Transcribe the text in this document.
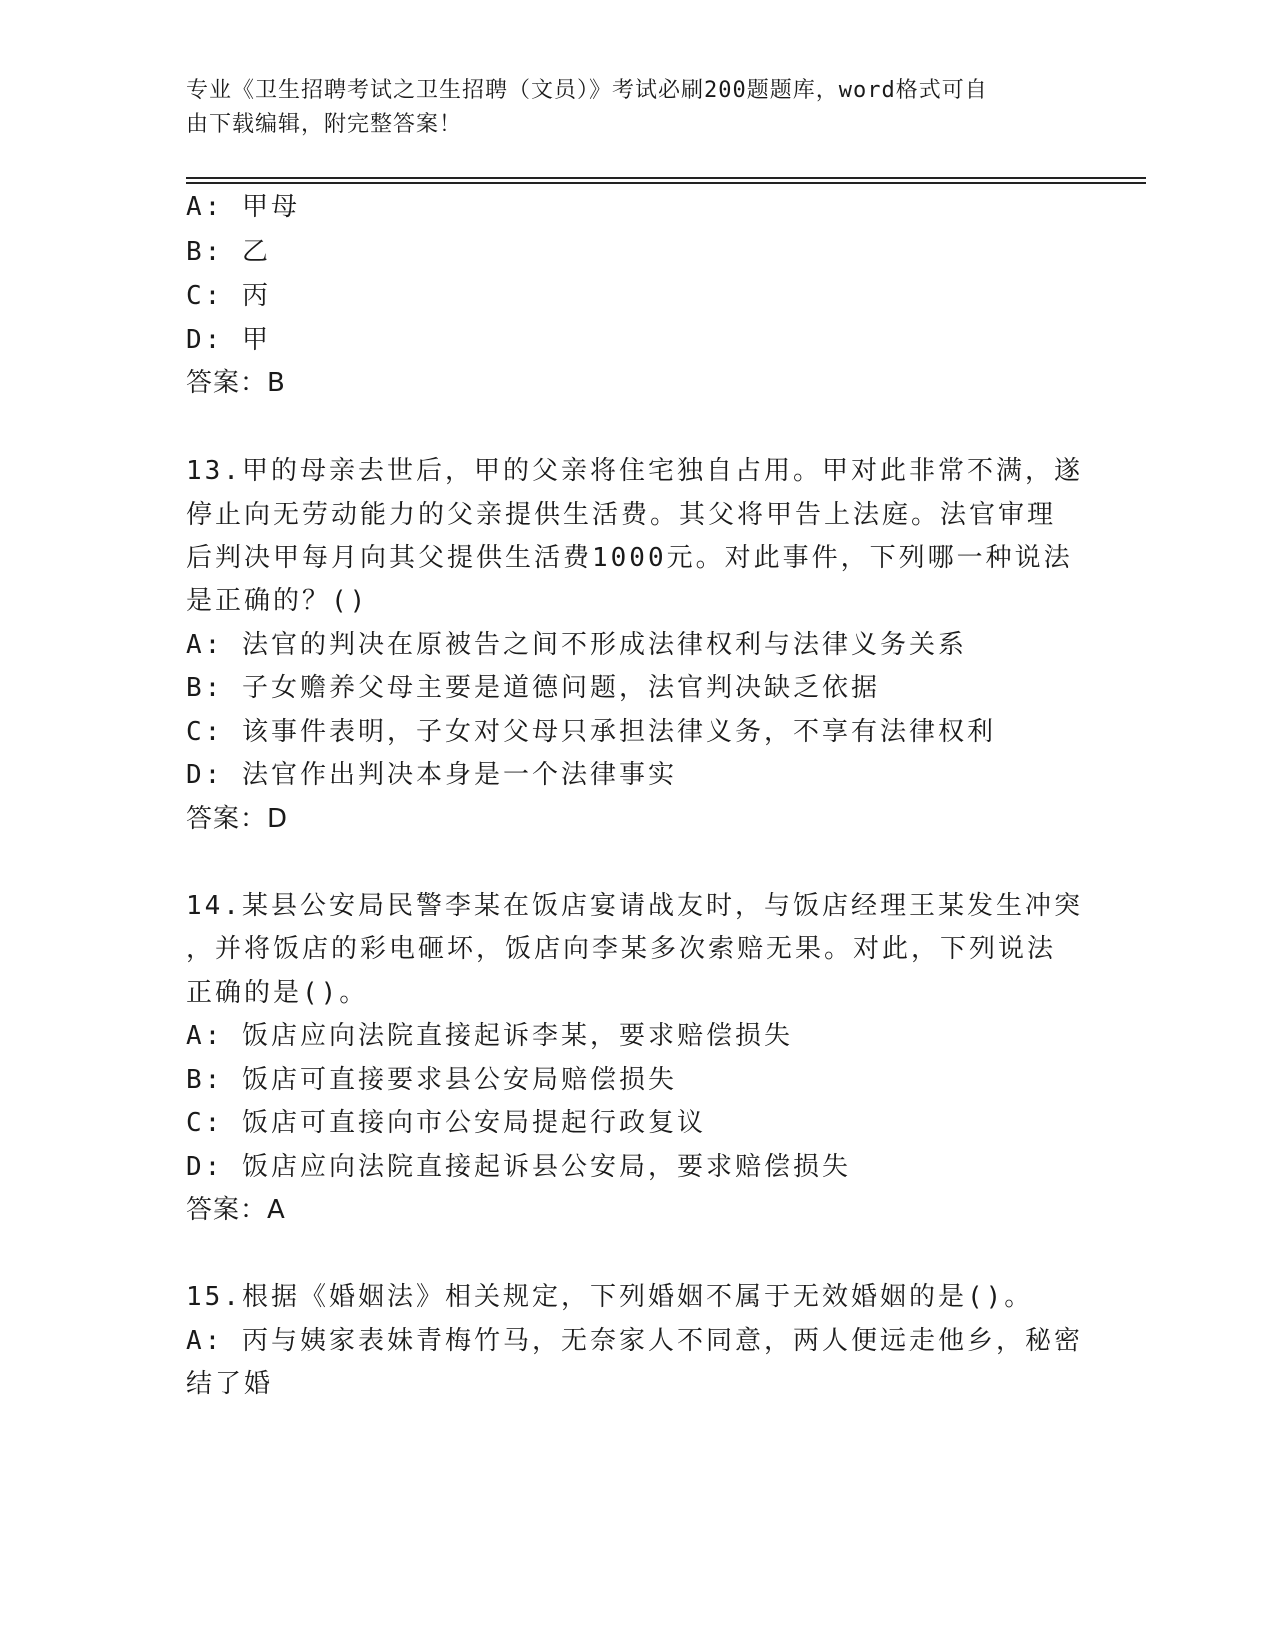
专业《卫生招聘考试之卫生招聘（文员）》考试必刷200题题库，word格式可自
由下载编辑，附完整答案！
A: 甲母
B: 乙
C: 丙
D: 甲
答案：B
13.甲的母亲去世后，甲的父亲将住宅独自占用。甲对此非常不满，遂
停止向无劳动能力的父亲提供生活费。其父将甲告上法庭。法官审理
后判决甲每月向其父提供生活费1000元。对此事件，下列哪一种说法
是正确的？()
A: 法官的判决在原被告之间不形成法律权利与法律义务关系
B: 子女赡养父母主要是道德问题，法官判决缺乏依据
C: 该事件表明，子女对父母只承担法律义务，不享有法律权利
D: 法官作出判决本身是一个法律事实
答案：D
14.某县公安局民警李某在饭店宴请战友时，与饭店经理王某发生冲突
，并将饭店的彩电砸坏，饭店向李某多次索赔无果。对此，下列说法
正确的是()。
A: 饭店应向法院直接起诉李某，要求赔偿损失
B: 饭店可直接要求县公安局赔偿损失
C: 饭店可直接向市公安局提起行政复议
D: 饭店应向法院直接起诉县公安局，要求赔偿损失
答案：A
15.根据《婚姻法》相关规定，下列婚姻不属于无效婚姻的是()。
A: 丙与姨家表妹青梅竹马，无奈家人不同意，两人便远走他乡，秘密
结了婚
